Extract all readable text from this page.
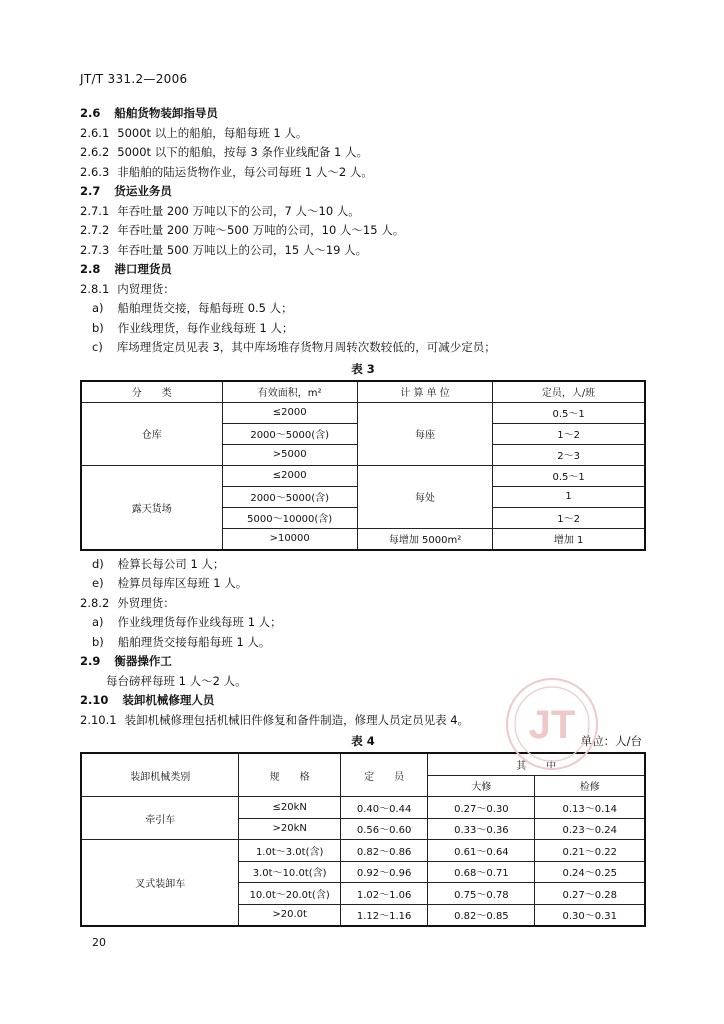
JT/T 331.2—2006
2.6 船舶货物装卸指导员
2.6.1 5000t 以上的船舶，每船每班 1 人。
2.6.2 5000t 以下的船舶，按每 3 条作业线配备 1 人。
2.6.3 非船舶的陆运货物作业，每公司每班 1 人～2 人。
2.7 货运业务员
2.7.1 年吞吐量 200 万吨以下的公司，7 人～10 人。
2.7.2 年吞吐量 200 万吨～500 万吨的公司，10 人～15 人。
2.7.3 年吞吐量 500 万吨以上的公司，15 人～19 人。
2.8 港口理货员
2.8.1 内贸理货：
a) 船舶理货交接，每船每班 0.5 人；
b) 作业线理货，每作业线每班 1 人；
c) 库场理货定员见表 3，其中库场堆存货物月周转次数较低的，可减少定员；
表 3
分　　类	有效面积，m²	计 算 单 位	定员，人/班
仓库	≤2000	每座	0.5～1
	2000～5000(含)		1～2
	>5000		2～3
露天货场	≤2000	每处	0.5～1
	2000～5000(含)		1
	5000～10000(含)		1～2
	>10000	每增加 5000m²	增加 1
d) 检算长每公司 1 人；
e) 检算员每库区每班 1 人。
2.8.2 外贸理货：
a) 作业线理货每作业线每班 1 人；
b) 船舶理货交接每船每班 1 人。
2.9 衡器操作工
每台磅秤每班 1 人～2 人。
2.10 装卸机械修理人员
2.10.1 装卸机械修理包括机械旧件修复和备件制造，修理人员定员见表 4。
表 4	单位：人/台
装卸机械类别	规　　格	定　　员	其　　中	
			大修	检修
牵引车	≤20kN	0.40～0.44	0.27～0.30	0.13～0.14
	>20kN	0.56～0.60	0.33～0.36	0.23～0.24
叉式装卸车	1.0t～3.0t(含)	0.82～0.86	0.61～0.64	0.21～0.22
	3.0t～10.0t(含)	0.92～0.96	0.68～0.71	0.24～0.25
	10.0t～20.0t(含)	1.02～1.06	0.75～0.78	0.27～0.28
	>20.0t	1.12～1.16	0.82～0.85	0.30～0.31
JT
20
